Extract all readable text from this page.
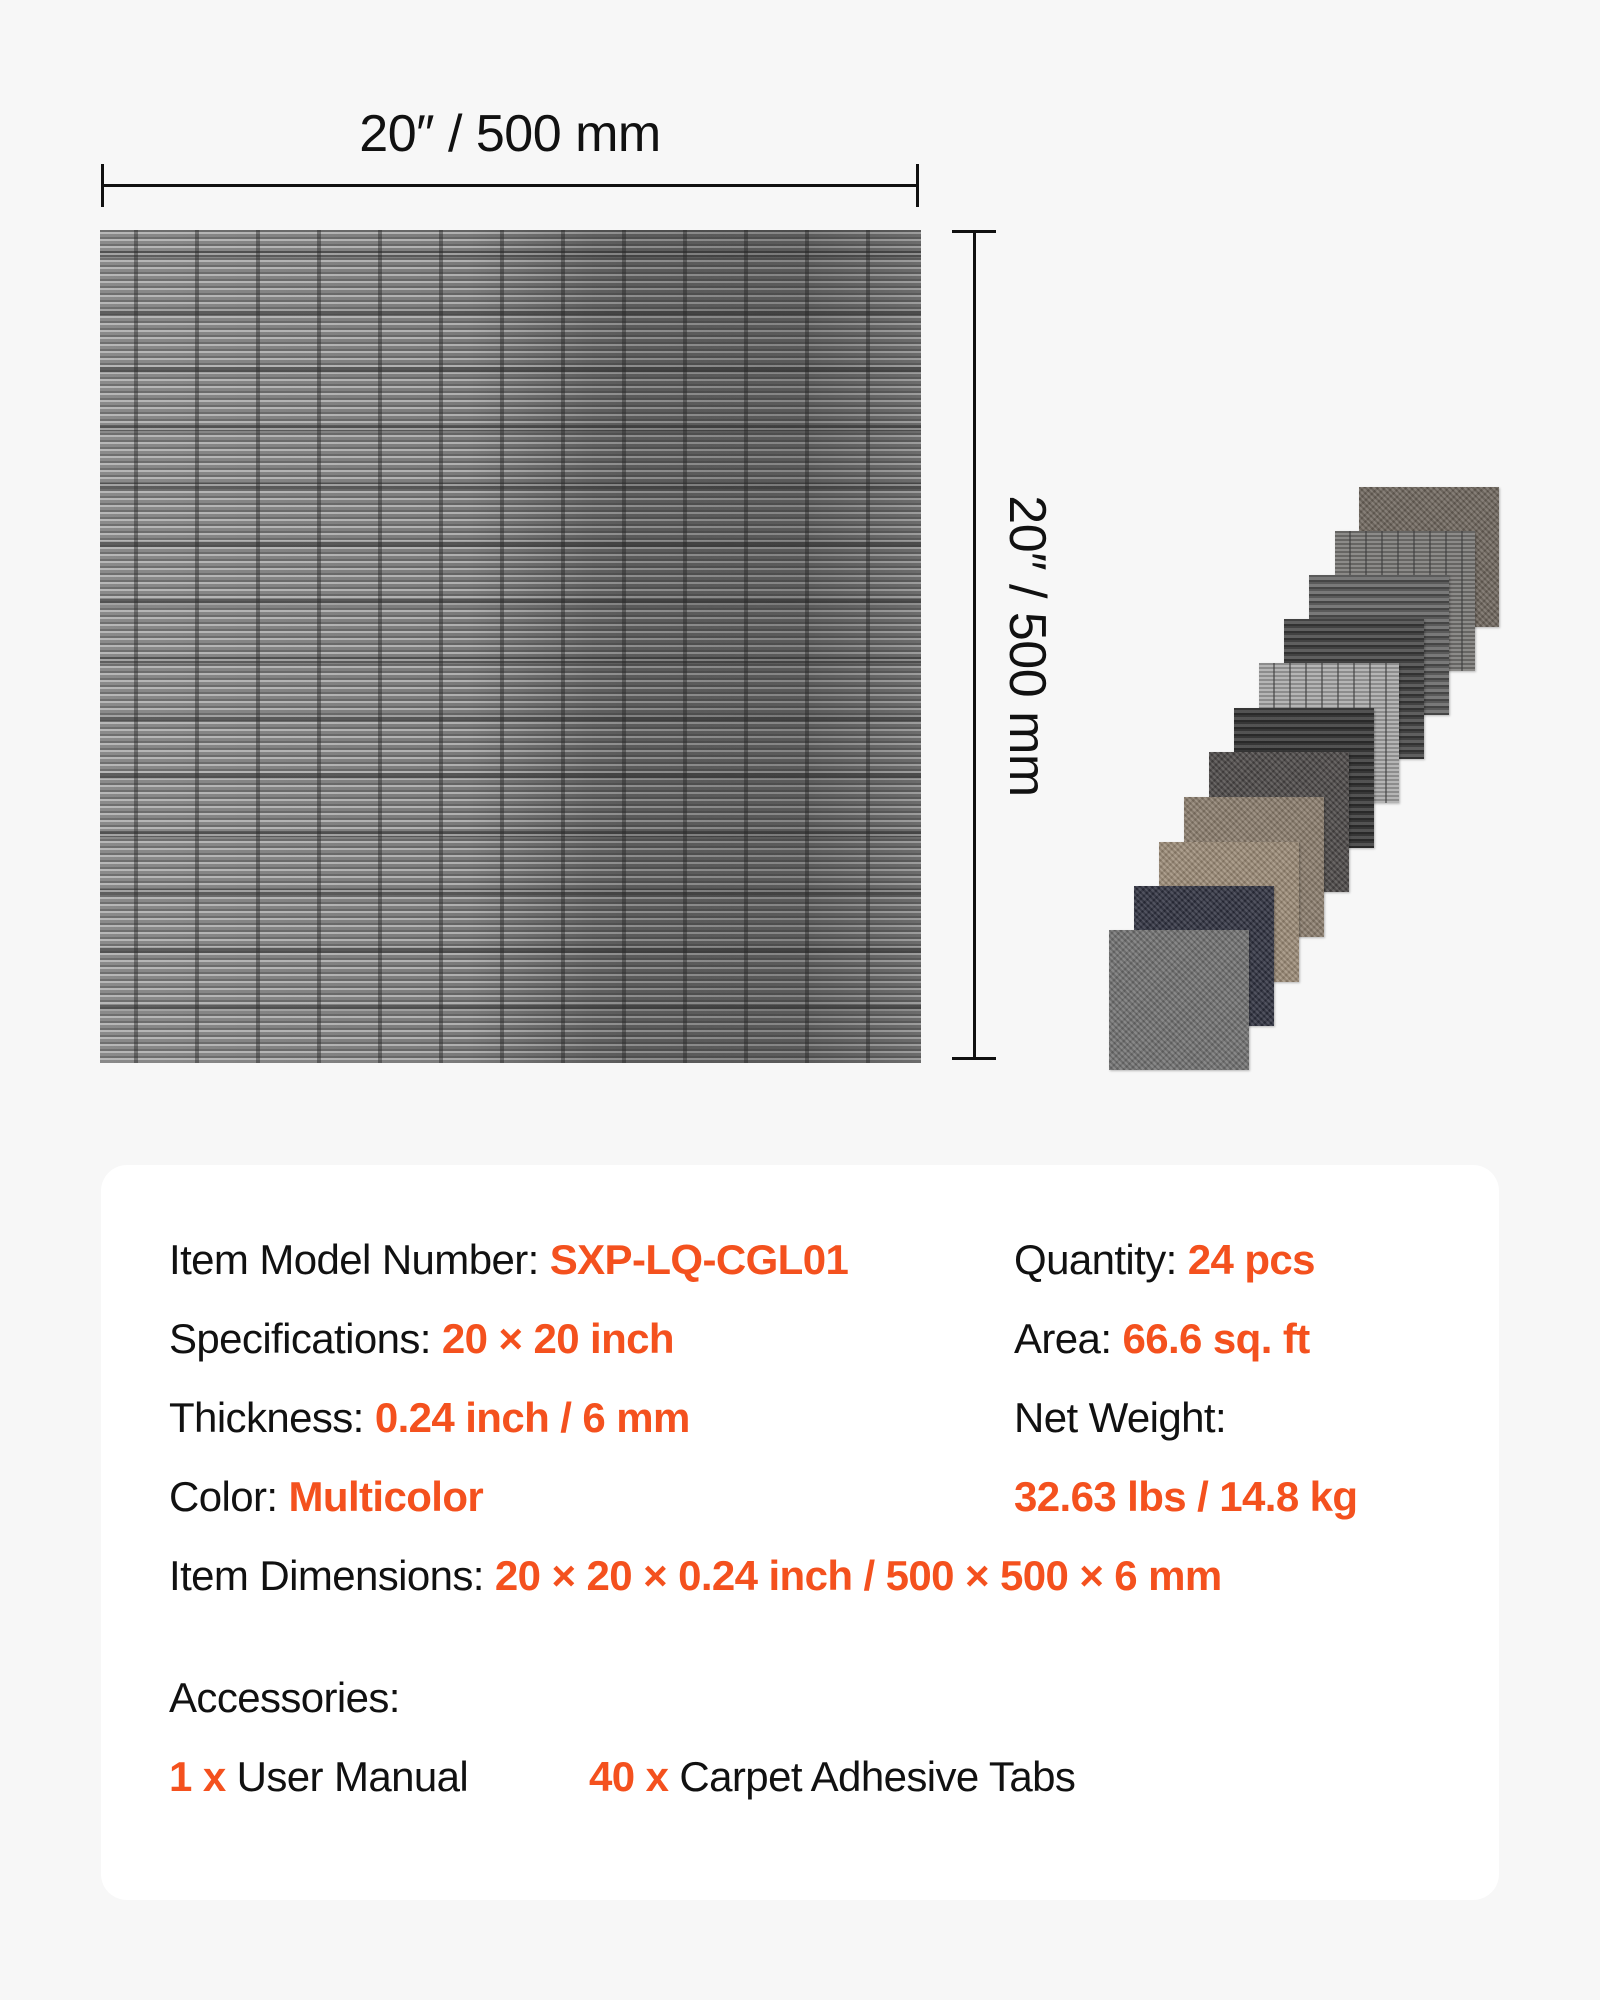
20″ / 500 mm
20″ / 500 mm
Item Model Number: SXP-LQ-CGL01
Specifications: 20 × 20 inch
Thickness: 0.24 inch / 6 mm
Color: Multicolor
Item Dimensions: 20 × 20 × 0.24 inch / 500 × 500 × 6 mm
Quantity: 24 pcs
Area: 66.6 sq. ft
Net Weight:
32.63 lbs / 14.8 kg
Accessories:
1 x User Manual	40 x Carpet Adhesive Tabs
